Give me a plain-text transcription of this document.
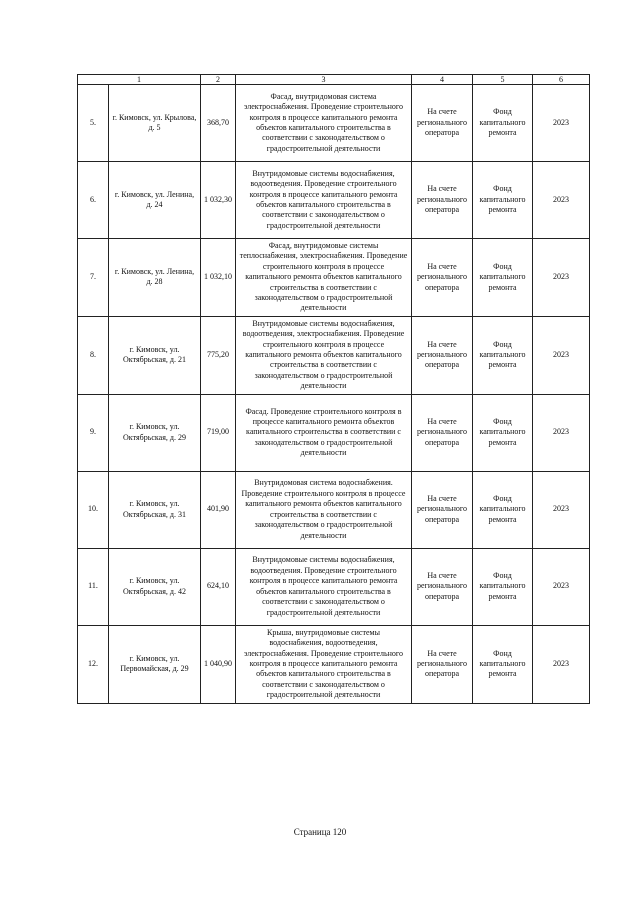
1		2	3	4	5	6
5.	г. Кимовск, ул. Крылова, д. 5	368,70	Фасад, внутридомовая система электроснабжения. Проведение строительного контроля в процессе капитального ремонта объектов капитального строительства в соответствии с законодательством о градостроительной деятельности	На счете регионального оператора	Фонд капитального ремонта	2023
6.	г. Кимовск, ул. Ленина, д. 24	1 032,30	Внутридомовые системы водоснабжения, водоотведения. Проведение строительного контроля в процессе капитального ремонта объектов капитального строительства в соответствии с законодательством о градостроительной деятельности	На счете регионального оператора	Фонд капитального ремонта	2023
7.	г. Кимовск, ул. Ленина, д. 28	1 032,10	Фасад, внутридомовые системы теплоснабжения, электроснабжения. Проведение строительного контроля в процессе капитального ремонта объектов капитального строительства в соответствии с законодательством о градостроительной деятельности	На счете регионального оператора	Фонд капитального ремонта	2023
8.	г. Кимовск, ул. Октябрьская, д. 21	775,20	Внутридомовые системы водоснабжения, водоотведения, электроснабжения. Проведение строительного контроля в процессе капитального ремонта объектов капитального строительства в соответствии с законодательством о градостроительной деятельности	На счете регионального оператора	Фонд капитального ремонта	2023
9.	г. Кимовск, ул. Октябрьская, д. 29	719,00	Фасад. Проведение строительного контроля в процессе капитального ремонта объектов капитального строительства в соответствии с законодательством о градостроительной деятельности	На счете регионального оператора	Фонд капитального ремонта	2023
10.	г. Кимовск, ул. Октябрьская, д. 31	401,90	Внутридомовая система водоснабжения. Проведение строительного контроля в процессе капитального ремонта объектов капитального строительства в соответствии с законодательством о градостроительной деятельности	На счете регионального оператора	Фонд капитального ремонта	2023
11.	г. Кимовск, ул. Октябрьская, д. 42	624,10	Внутридомовые системы водоснабжения, водоотведения. Проведение строительного контроля в процессе капитального ремонта объектов капитального строительства в соответствии с законодательством о градостроительной деятельности	На счете регионального оператора	Фонд капитального ремонта	2023
12.	г. Кимовск, ул. Первомайская, д. 29	1 040,90	Крыша, внутридомовые системы водоснабжения, водоотведения, электроснабжения. Проведение строительного контроля в процессе капитального ремонта объектов капитального строительства в соответствии с законодательством о градостроительной деятельности	На счете регионального оператора	Фонд капитального ремонта	2023
Страница 120
